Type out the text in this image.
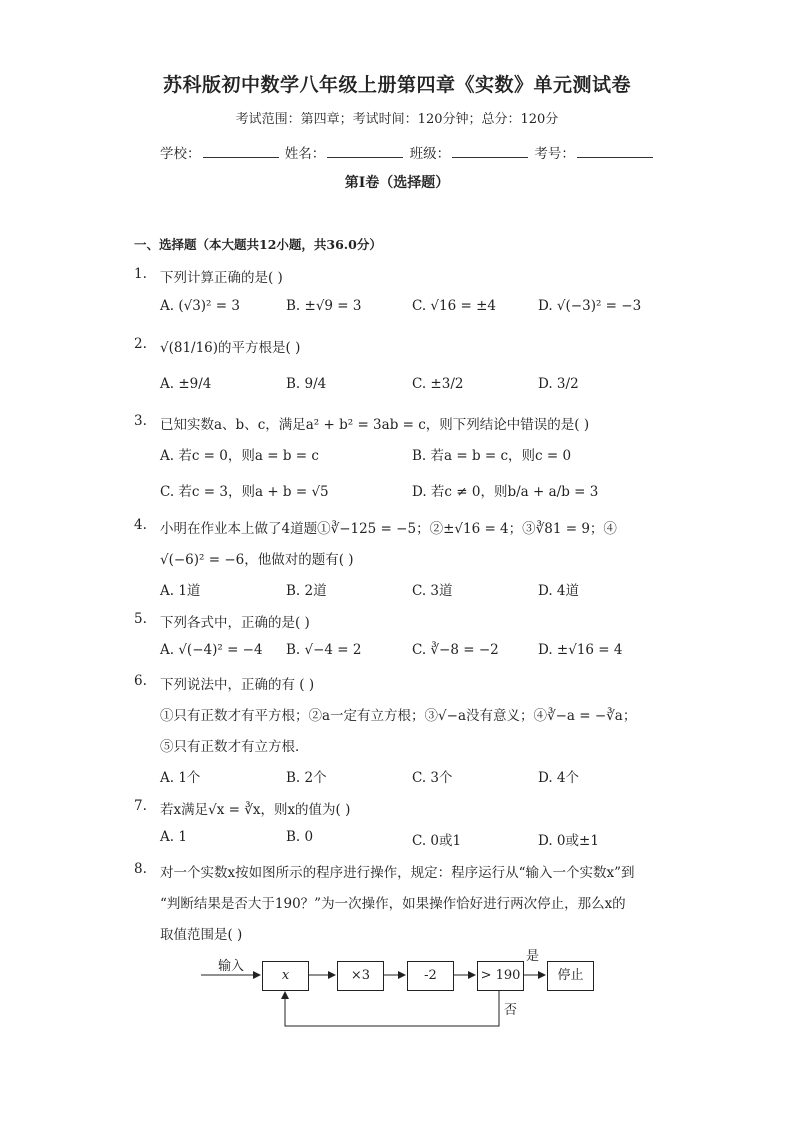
苏科版初中数学八年级上册第四章《实数》单元测试卷
考试范围：第四章；考试时间：120分钟；总分：120分
学校：	姓名：	班级：	考号：
第I卷（选择题）
一、选择题（本大题共12小题，共36.0分）
1. 下列计算正确的是( )
A. (√3)² = 3	B. ±√9 = 3	C. √16 = ±4	D. √(−3)² = −3
2. √(81/16)的平方根是( )
A. ±9/4	B. 9/4	C. ±3/2	D. 3/2
3. 已知实数a、b、c，满足a² + b² = 3ab = c，则下列结论中错误的是( )
A. 若c = 0，则a = b = c	B. 若a = b = c，则c = 0
C. 若c = 3，则a + b = √5	D. 若c ≠ 0，则b/a + a/b = 3
4. 小明在作业本上做了4道题①∛−125 = −5；②±√16 = 4；③∛81 = 9；④
√(−6)² = −6，他做对的题有( )
A. 1道	B. 2道	C. 3道	D. 4道
5. 下列各式中，正确的是( )
A. √(−4)² = −4 B. √−4 = 2	C. ∛−8 = −2	D. ±√16 = 4
6. 下列说法中，正确的有 ( )
①只有正数才有平方根；②a一定有立方根；③√−a没有意义；④∛−a = −∛a；
⑤只有正数才有立方根．
A. 1个	B. 2个	C. 3个	D. 4个
7. 若x满足√x = ∛x，则x的值为( )
A. 1	B. 0	C. 0或1	D. 0或±1
8. 对一个实数x按如图所示的程序进行操作，规定：程序运行从“输入一个实数x”到
“判断结果是否大于190？”为一次操作，如果操作恰好进行两次停止，那么x的
取值范围是( )
输入
x	×3	-2	> 190	停止
是
否
